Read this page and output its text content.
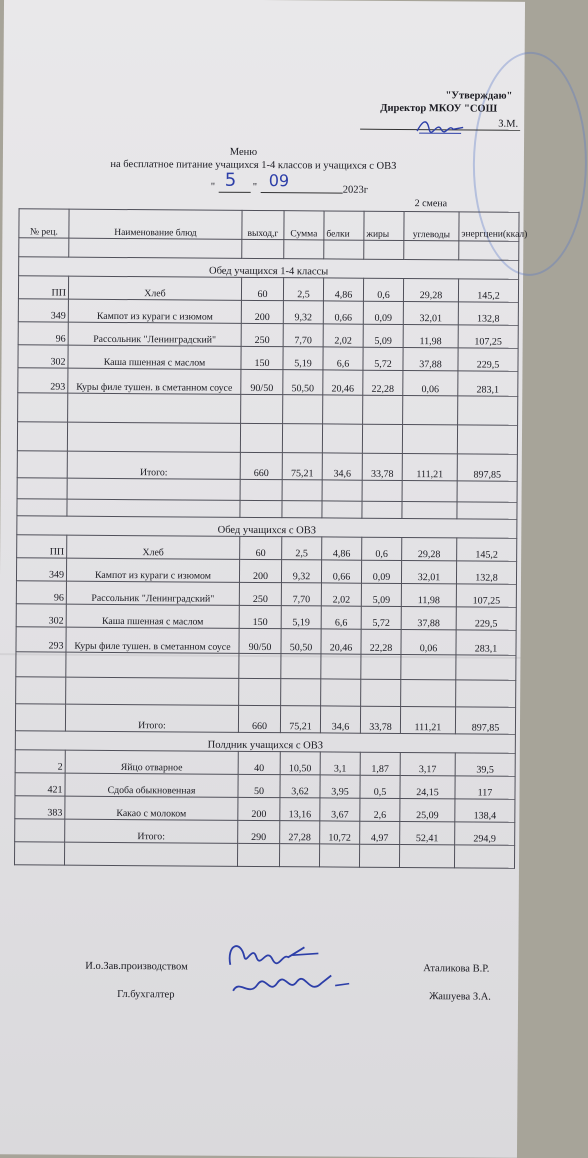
"Утверждаю"
Директор МКОУ "СОШ
З.М.
Меню
на бесплатное питание учащихся 1-4 классов и учащихся с ОВЗ
" 5 " 09	2023г
2 смена
№ рец.	Наименование блюд	выход,г	Сумма	белки	жиры	углеводы	энергцени(ккал)

Обед учащихся 1-4 классы							
ПП	Хлеб	60	2,5	4,86	0,6	29,28	145,2
349	Кампот из кураги с изюмом	200	9,32	0,66	0,09	32,01	132,8
96	Рассольник "Ленинградский"	250	7,70	2,02	5,09	11,98	107,25
302	Каша пшенная с маслом	150	5,19	6,6	5,72	37,88	229,5
293	Куры филе тушен. в сметанном соусе	90/50	50,50	20,46	22,28	0,06	283,1

	Итого:	660	75,21	34,6	33,78	111,21	897,85

Обед учащихся с ОВЗ							
ПП	Хлеб	60	2,5	4,86	0,6	29,28	145,2
349	Кампот из кураги с изюмом	200	9,32	0,66	0,09	32,01	132,8
96	Рассольник "Ленинградский"	250	7,70	2,02	5,09	11,98	107,25
302	Каша пшенная с маслом	150	5,19	6,6	5,72	37,88	229,5
293	Куры филе тушен. в сметанном соусе	90/50	50,50	20,46	22,28	0,06	283,1

	Итого:	660	75,21	34,6	33,78	111,21	897,85
Полдник учащихся с ОВЗ							
2	Яйцо отварное	40	10,50	3,1	1,87	3,17	39,5
421	Сдоба обыкновенная	50	3,62	3,95	0,5	24,15	117
383	Какао с молоком	200	13,16	3,67	2,6	25,09	138,4
	Итого:	290	27,28	10,72	4,97	52,41	294,9

И.о.Зав.производством	Аталикова В.Р.
Гл.бухгалтер	Жашуева З.А.
